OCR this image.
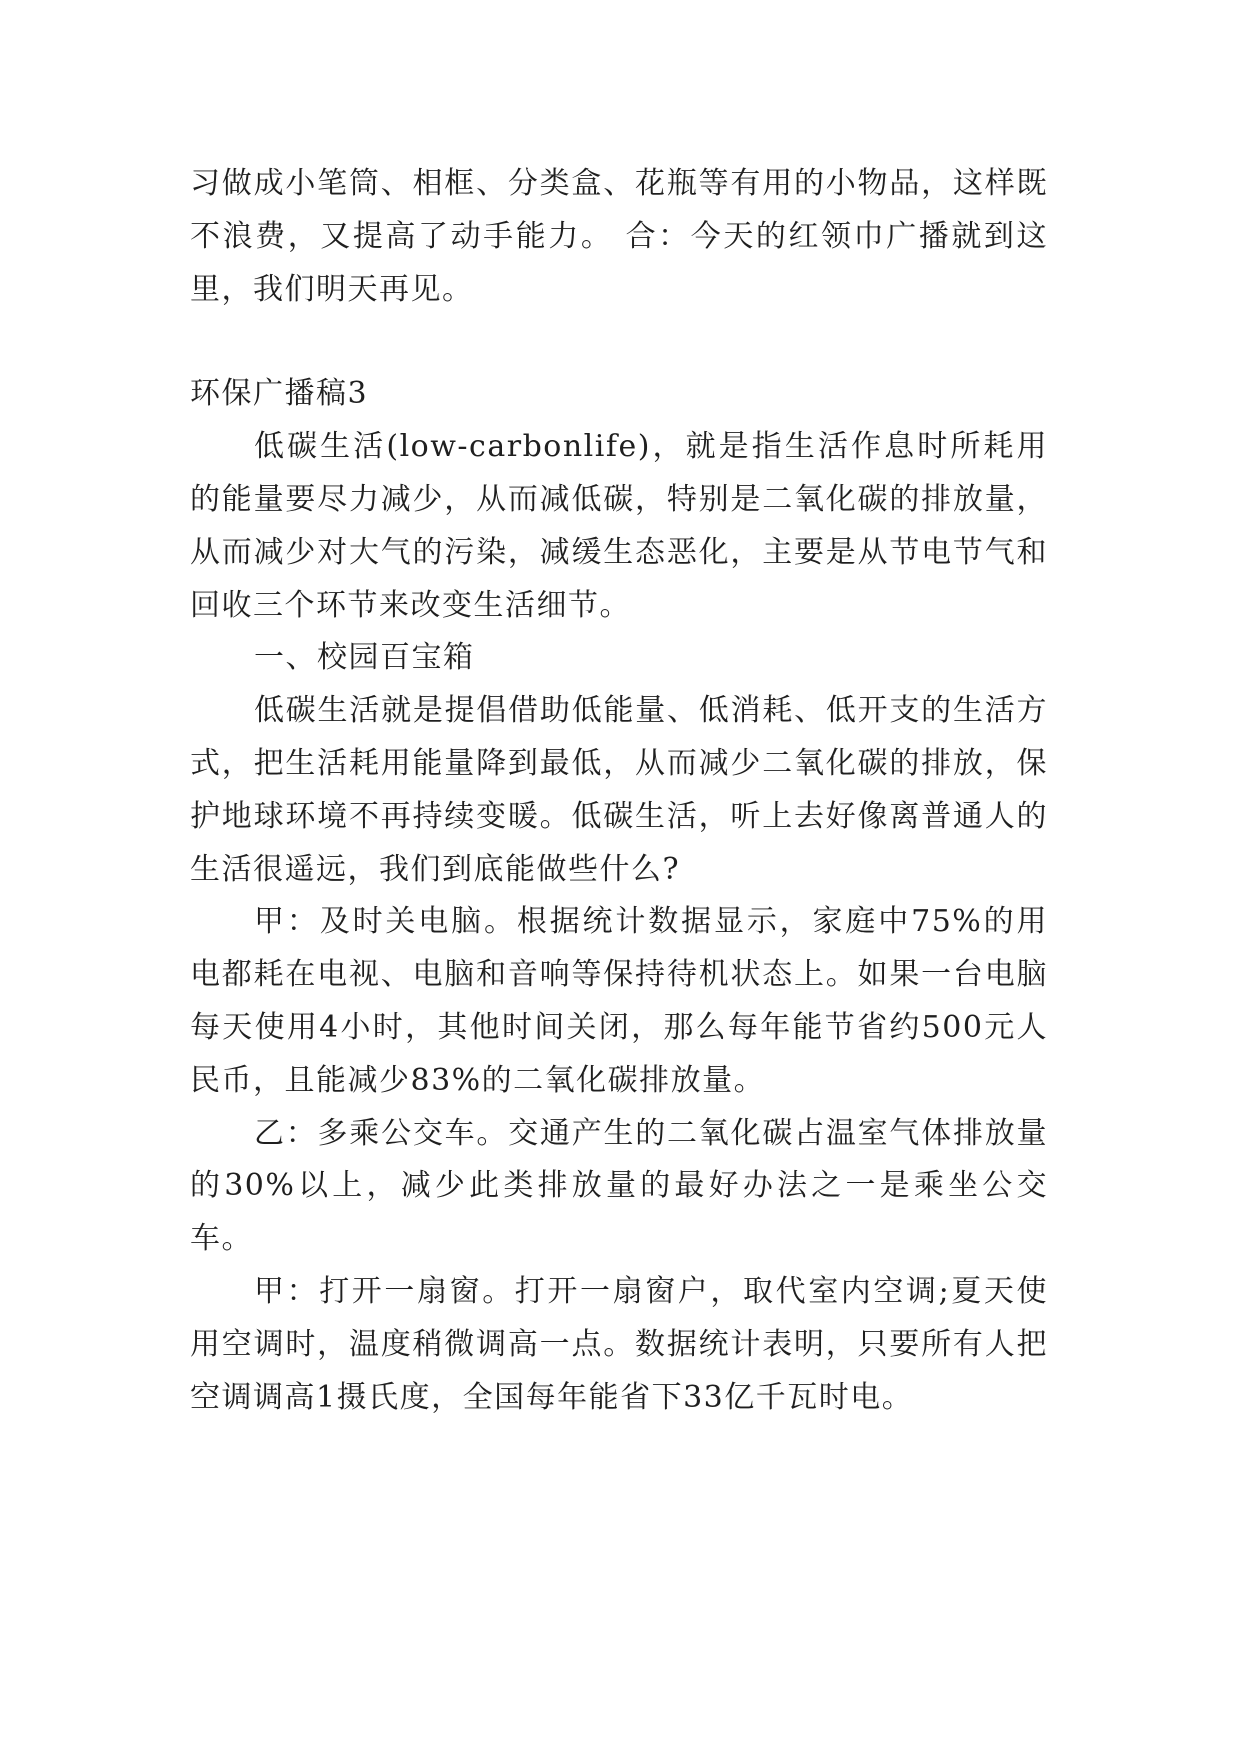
习做成小笔筒、相框、分类盒、花瓶等有用的小物品，这样既不浪费，又提高了动手能力。 合：今天的红领巾广播就到这里，我们明天再见。

环保广播稿3

低碳生活(low-carbonlife)，就是指生活作息时所耗用的能量要尽力减少，从而减低碳，特别是二氧化碳的排放量，从而减少对大气的污染，减缓生态恶化，主要是从节电节气和回收三个环节来改变生活细节。

一、校园百宝箱

低碳生活就是提倡借助低能量、低消耗、低开支的生活方式，把生活耗用能量降到最低，从而减少二氧化碳的排放，保护地球环境不再持续变暖。低碳生活，听上去好像离普通人的生活很遥远，我们到底能做些什么?

甲：及时关电脑。根据统计数据显示，家庭中75%的用电都耗在电视、电脑和音响等保持待机状态上。如果一台电脑每天使用4小时，其他时间关闭，那么每年能节省约500元人民币，且能减少83%的二氧化碳排放量。

乙：多乘公交车。交通产生的二氧化碳占温室气体排放量的30%以上，减少此类排放量的最好办法之一是乘坐公交车。

甲：打开一扇窗。打开一扇窗户，取代室内空调;夏天使用空调时，温度稍微调高一点。数据统计表明，只要所有人把空调调高1摄氏度，全国每年能省下33亿千瓦时电。
